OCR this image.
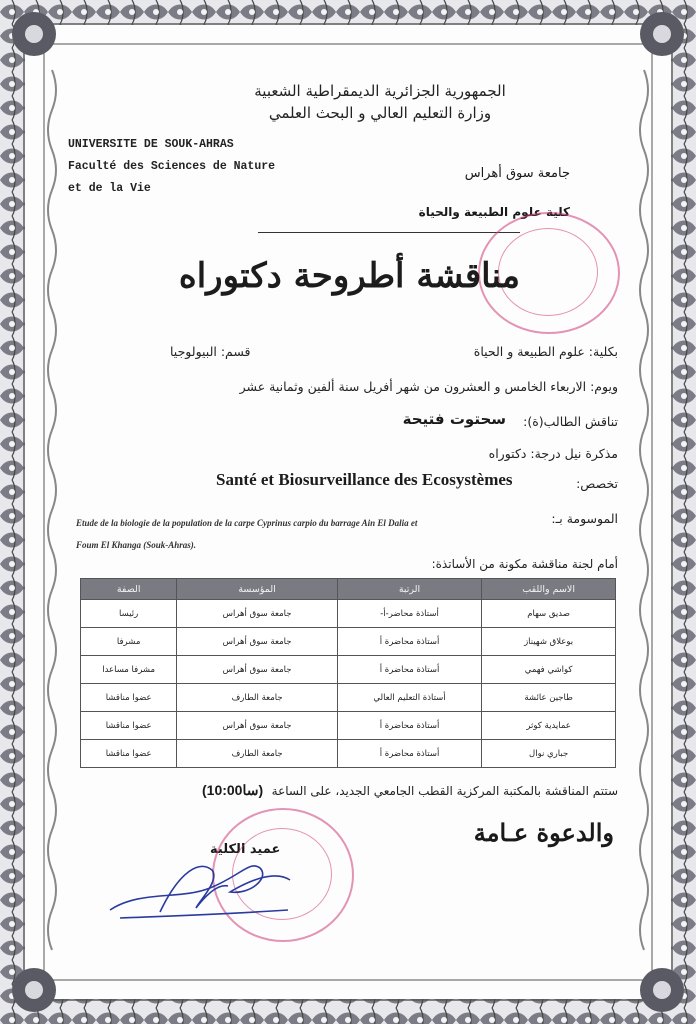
الجمهورية الجزائرية الديمقراطية الشعبية
وزارة التعليم العالي و البحث العلمي
UNIVERSITE DE SOUK-AHRAS
Faculté des Sciences de Nature
et de la Vie
جامعة سوق أهراس
كلية علوم الطبيعة والحياة
مناقشة أطروحة دكتوراه
بكلية: علوم الطبيعة و الحياة
قسم: البيولوجيا
ويوم: الاربعاء الخامس و العشرون من شهر أفريل سنة ألفين وثمانية عشر
تناقش الطالب(ة):
سحتوت فتيحة
مذكرة نيل درجة: دكتوراه
تخصص:
Santé et Biosurveillance des Ecosystèmes
الموسومة بـ:
Etude de la biologie de la population de la carpe Cyprinus carpio du barrage Ain El Dalia et
Foum El Khanga (Souk-Ahras).
أمام لجنة مناقشة مكونة من الأساتذة:
الصفة	المؤسسة	الرتبة	الاسم واللقب
رئيسا	جامعة سوق أهراس	أستاذة محاضر-أ-	صديق سهام
مشرفا	جامعة سوق أهراس	أستاذة محاضرة أ	بوعلاق شهيناز
مشرفا مساعدا	جامعة سوق أهراس	أستاذة محاضرة أ	كواشي فهمي
عضوا مناقشا	جامعة الطارف	أستاذة التعليم العالي	طاجين عائشة
عضوا مناقشا	جامعة سوق أهراس	أستاذة محاضرة أ	عمايدية كوثر
عضوا مناقشا	جامعة الطارف	أستاذة محاضرة أ	جباري نوال
ستتم المناقشة بالمكتبة المركزية القطب الجامعي الجديد، على الساعة
(10:00سا)
والدعوة عـامة
عميد الكلية
